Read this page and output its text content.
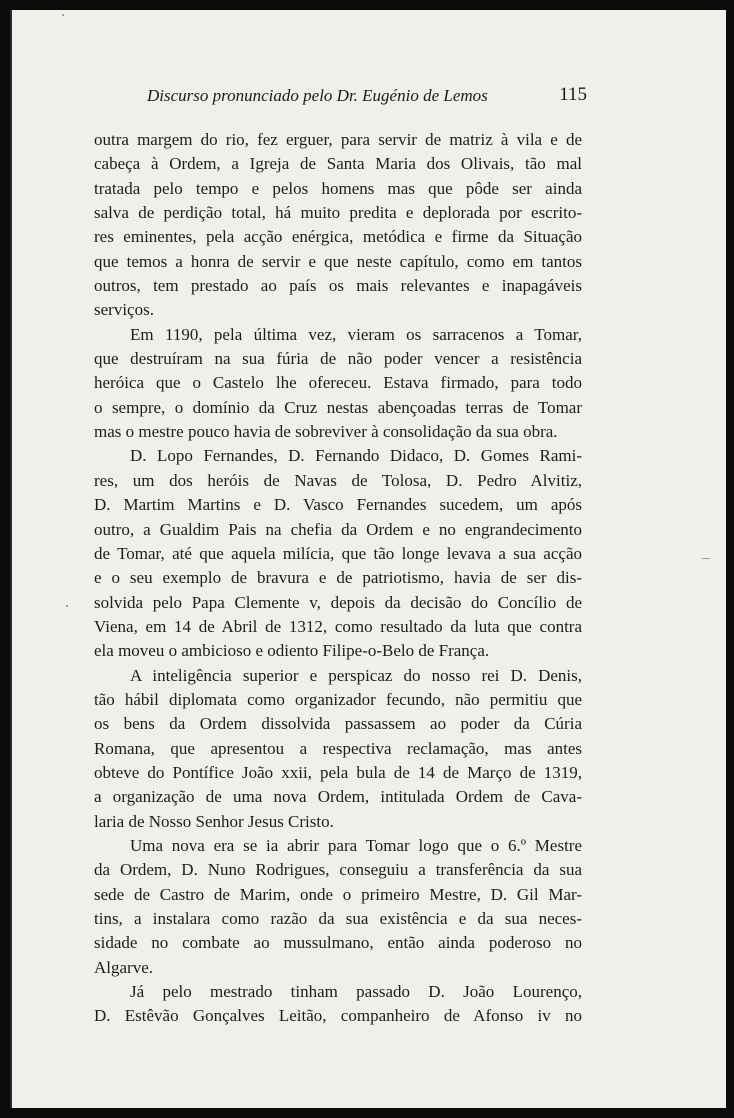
Discurso pronunciado pelo Dr. Eugénio de Lemos	115
outra margem do rio, fez erguer, para servir de matriz à vila e de
cabeça à Ordem, a Igreja de Santa Maria dos Olivais, tão mal
tratada pelo tempo e pelos homens mas que pôde ser ainda
salva de perdição total, há muito predita e deplorada por escrito-
res eminentes, pela acção enérgica, metódica e firme da Situação
que temos a honra de servir e que neste capítulo, como em tantos
outros, tem prestado ao país os mais relevantes e inapagáveis
serviços.
Em 1190, pela última vez, vieram os sarracenos a Tomar,
que destruíram na sua fúria de não poder vencer a resistência
heróica que o Castelo lhe ofereceu. Estava firmado, para todo
o sempre, o domínio da Cruz nestas abençoadas terras de Tomar
mas o mestre pouco havia de sobreviver à consolidação da sua obra.
D. Lopo Fernandes, D. Fernando Didaco, D. Gomes Rami-
res, um dos heróis de Navas de Tolosa, D. Pedro Alvitiz,
D. Martim Martins e D. Vasco Fernandes sucedem, um após
outro, a Gualdim Pais na chefia da Ordem e no engrandecimento
de Tomar, até que aquela milícia, que tão longe levava a sua acção
e o seu exemplo de bravura e de patriotismo, havia de ser dis-
solvida pelo Papa Clemente v, depois da decisão do Concílio de
Viena, em 14 de Abril de 1312, como resultado da luta que contra
ela moveu o ambicioso e odiento Filipe-o-Belo de França.
A inteligência superior e perspicaz do nosso rei D. Denis,
tão hábil diplomata como organizador fecundo, não permitiu que
os bens da Ordem dissolvida passassem ao poder da Cúria
Romana, que apresentou a respectiva reclamação, mas antes
obteve do Pontífice João xxii, pela bula de 14 de Março de 1319,
a organização de uma nova Ordem, intitulada Ordem de Cava-
laria de Nosso Senhor Jesus Cristo.
Uma nova era se ia abrir para Tomar logo que o 6.º Mestre
da Ordem, D. Nuno Rodrigues, conseguiu a transferência da sua
sede de Castro de Marim, onde o primeiro Mestre, D. Gil Mar-
tins, a instalara como razão da sua existência e da sua neces-
sidade no combate ao mussulmano, então ainda poderoso no
Algarve.
Já pelo mestrado tinham passado D. João Lourenço,
D. Estêvão Gonçalves Leitão, companheiro de Afonso iv no
